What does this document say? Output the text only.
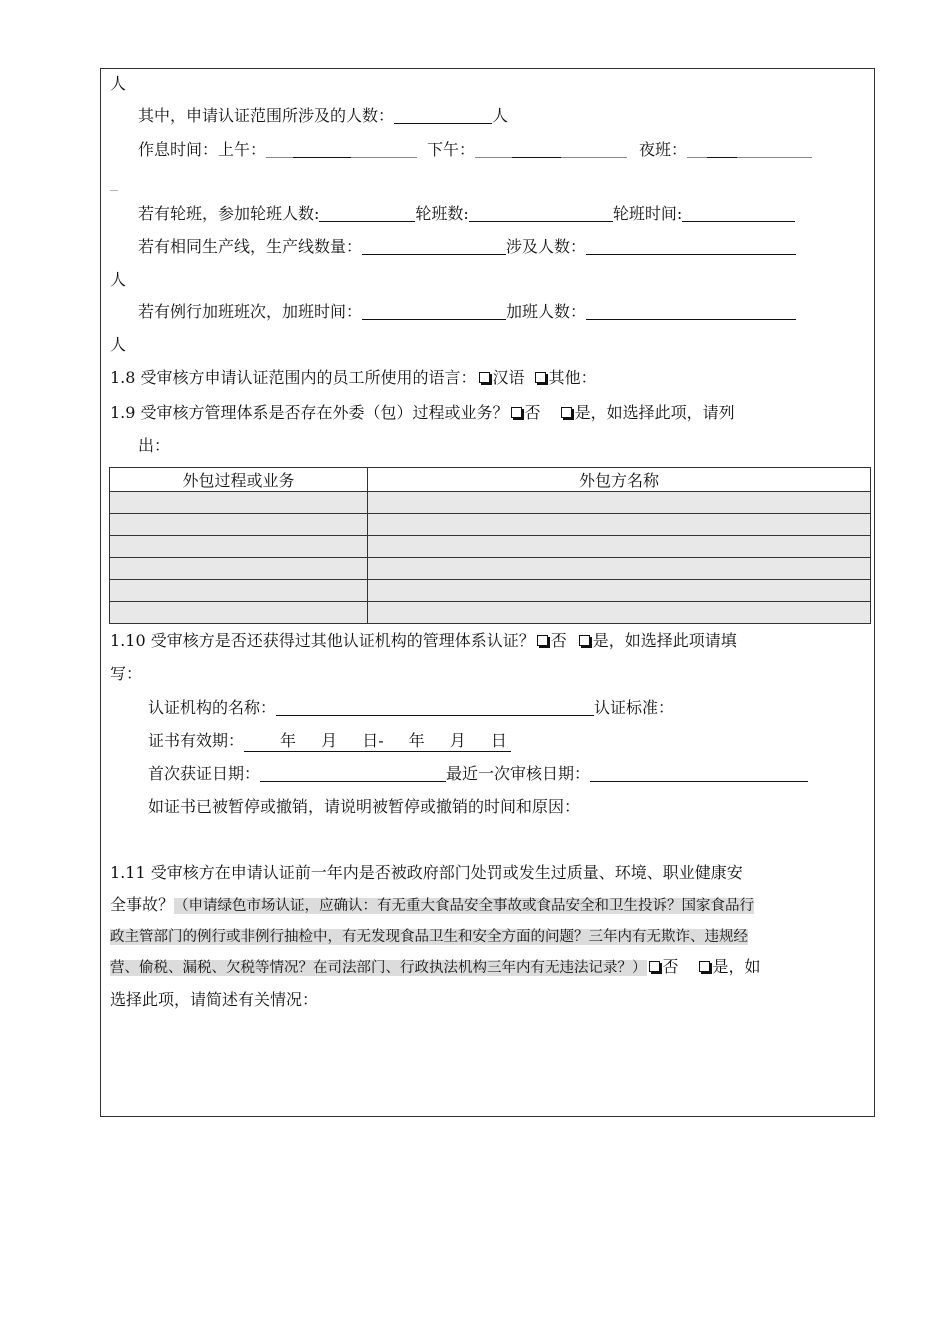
人
其中，申请认证范围所涉及的人数：	人
作息时间：上午：	下午：	夜班：
_
若有轮班，参加轮班人数:	轮班数:	轮班时间:
若有相同生产线，生产线数量：	涉及人数：
人
若有例行加班班次，加班时间：	加班人数：
人
1.8 受审核方申请认证范围内的员工所使用的语言： 汉语 其他：
1.9 受审核方管理体系是否存在外委（包）过程或业务？ 否 是，如选择此项，请列
出：
外包过程或业务	外包方名称

1.10 受审核方是否还获得过其他认证机构的管理体系认证？ 否 是，如选择此项请填
写：
认证机构的名称：	认证标准：
证书有效期： 年 月 日- 年 月 日
首次获证日期：	最近一次审核日期：
如证书已被暂停或撤销，请说明被暂停或撤销的时间和原因：
1.11 受审核方在申请认证前一年内是否被政府部门处罚或发生过质量、环境、职业健康安
全事故？（申请绿色市场认证，应确认：有无重大食品安全事故或食品安全和卫生投诉？国家食品行
政主管部门的例行或非例行抽检中，有无发现食品卫生和安全方面的问题？三年内有无欺诈、违规经
营、偷税、漏税、欠税等情况？在司法部门、行政执法机构三年内有无违法记录？） 否 是，如
选择此项，请简述有关情况：
